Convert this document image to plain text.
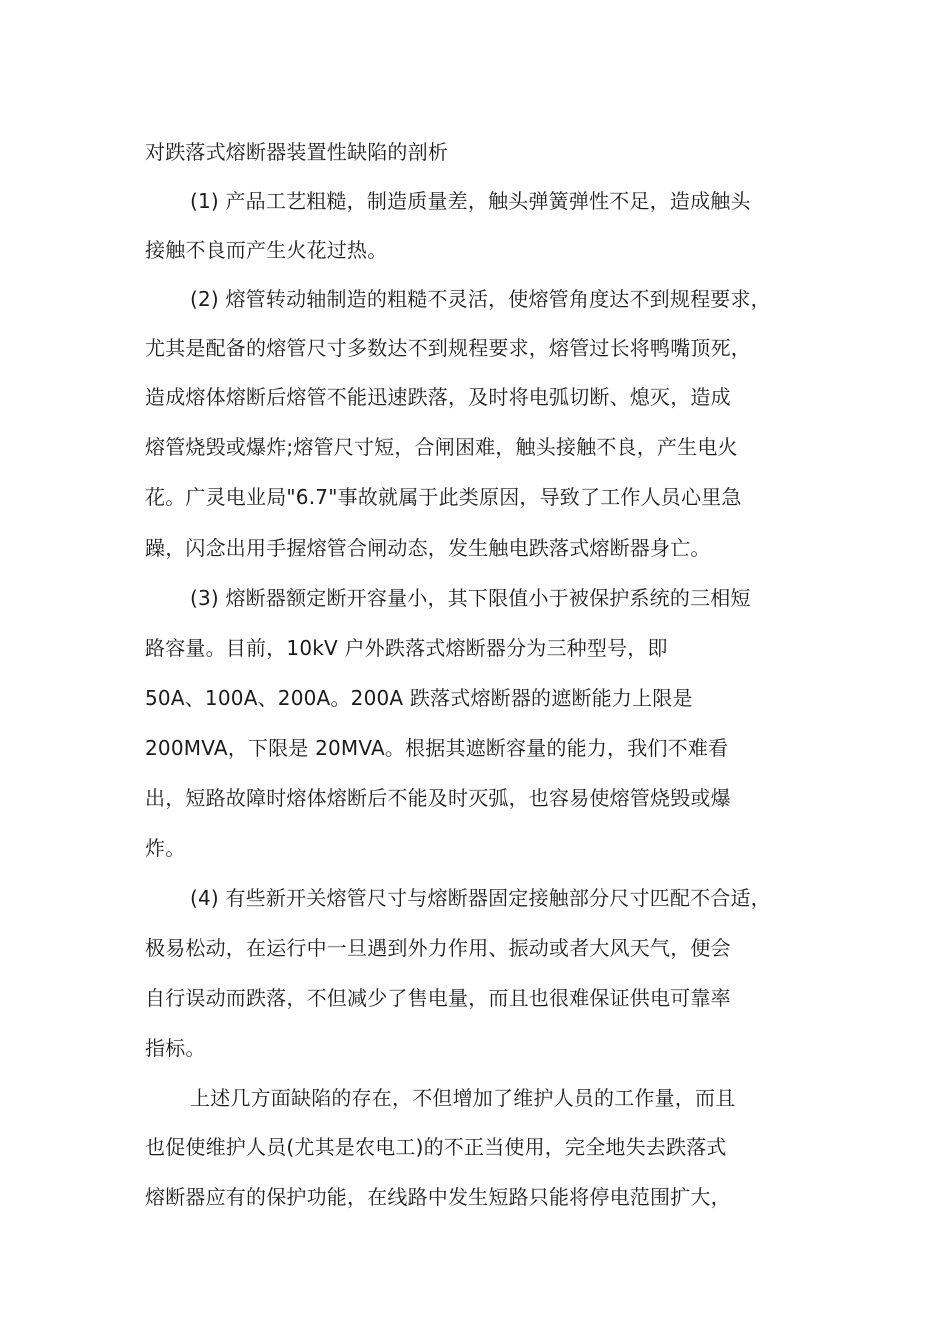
对跌落式熔断器装置性缺陷的剖析
(1) 产品工艺粗糙，制造质量差，触头弹簧弹性不足，造成触头
接触不良而产生火花过热。
(2) 熔管转动轴制造的粗糙不灵活，使熔管角度达不到规程要求，
尤其是配备的熔管尺寸多数达不到规程要求，熔管过长将鸭嘴顶死，
造成熔体熔断后熔管不能迅速跌落，及时将电弧切断、熄灭，造成
熔管烧毁或爆炸;熔管尺寸短，合闸困难，触头接触不良，产生电火
花。广灵电业局"6.7"事故就属于此类原因，导致了工作人员心里急
躁，闪念出用手握熔管合闸动态，发生触电跌落式熔断器身亡。
(3) 熔断器额定断开容量小，其下限值小于被保护系统的三相短
路容量。目前，10kV 户外跌落式熔断器分为三种型号，即
50A、100A、200A。200A 跌落式熔断器的遮断能力上限是
200MVA，下限是 20MVA。根据其遮断容量的能力，我们不难看
出，短路故障时熔体熔断后不能及时灭弧，也容易使熔管烧毁或爆
炸。
(4) 有些新开关熔管尺寸与熔断器固定接触部分尺寸匹配不合适，
极易松动，在运行中一旦遇到外力作用、振动或者大风天气，便会
自行误动而跌落，不但减少了售电量，而且也很难保证供电可靠率
指标。
上述几方面缺陷的存在，不但增加了维护人员的工作量，而且
也促使维护人员(尤其是农电工)的不正当使用，完全地失去跌落式
熔断器应有的保护功能，在线路中发生短路只能将停电范围扩大，
